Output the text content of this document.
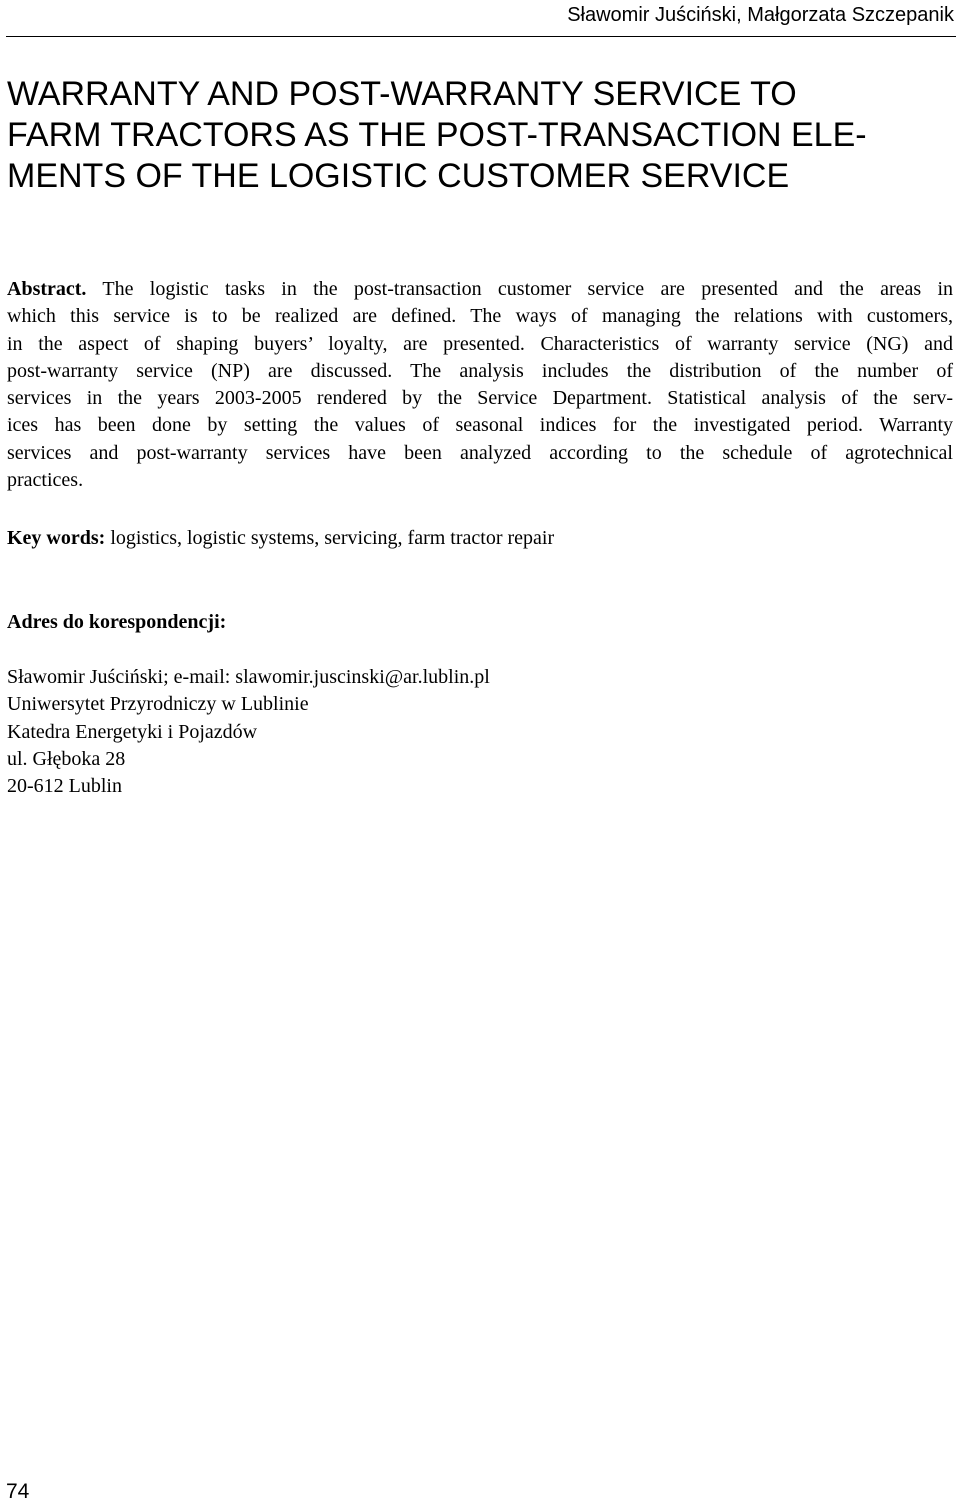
Sławomir Juściński, Małgorzata Szczepanik
WARRANTY AND POST-WARRANTY SERVICE TO
FARM TRACTORS AS THE POST-TRANSACTION ELE-
MENTS OF THE LOGISTIC CUSTOMER SERVICE
Abstract. The logistic tasks in the post-transaction customer service are presented and the areas in
which this service is to be realized are defined. The ways of managing the relations with customers,
in the aspect of shaping buyers’ loyalty, are presented. Characteristics of warranty service (NG) and
post-warranty service (NP) are discussed. The analysis includes the distribution of the number of
services in the years 2003-2005 rendered by the Service Department. Statistical analysis of the serv-
ices has been done by setting the values of seasonal indices for the investigated period. Warranty
services and post-warranty services have been analyzed according to the schedule of agrotechnical
practices.

Key words: logistics, logistic systems, servicing, farm tractor repair

Adres do korespondencji:

Sławomir Juściński; e-mail: slawomir.juscinski@ar.lublin.pl
Uniwersytet Przyrodniczy w Lublinie
Katedra Energetyki i Pojazdów
ul. Głęboka 28
20-612 Lublin
74
